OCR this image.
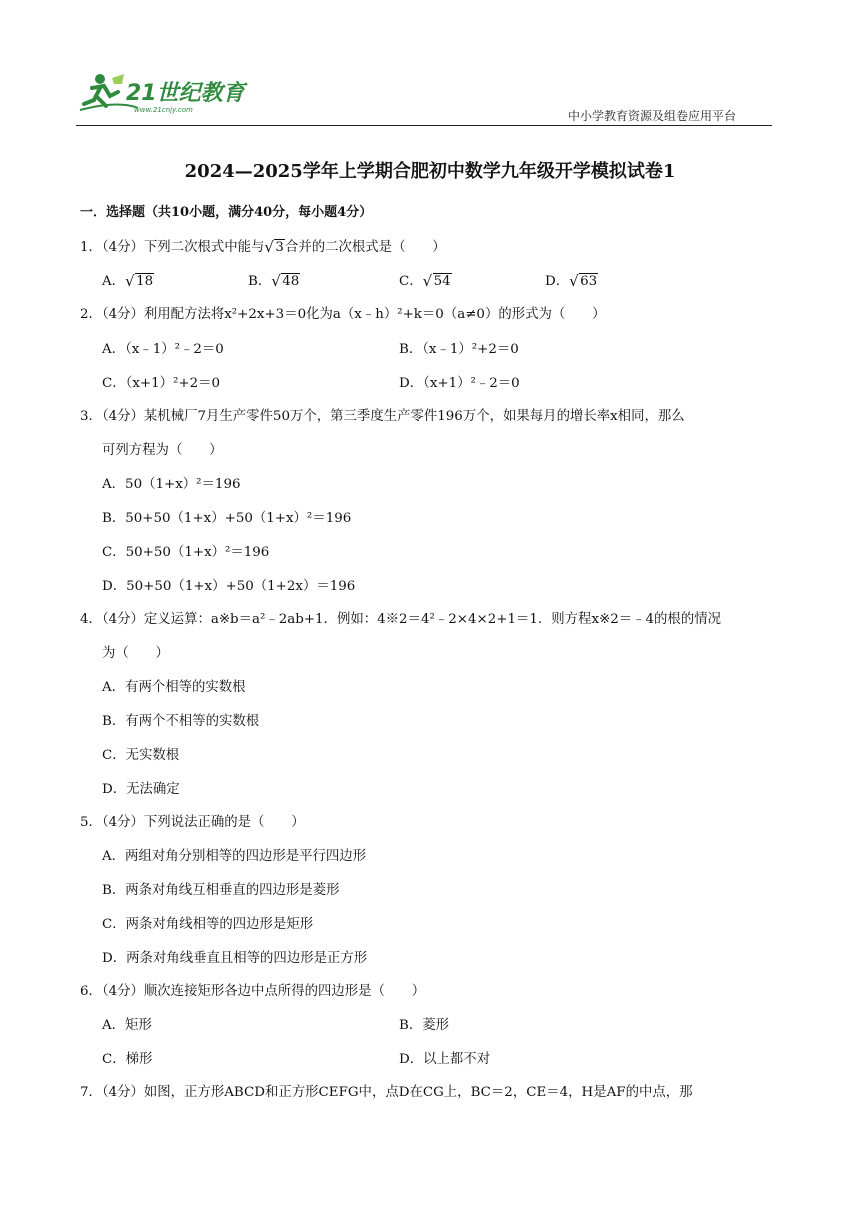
21世纪教育
www.21cnjy.com	中小学教育资源及组卷应用平台
2024—2025学年上学期合肥初中数学九年级开学模拟试卷1
一．选择题（共10小题，满分40分，每小题4分）
1．（4分）下列二次根式中能与 √ 3合并的二次根式是（　　）
A． √ 18	B． √ 48	C． √ 54	D． √ 63
2．（4分）利用配方法将x²+2x+3＝0化为a（x﹣h）²+k＝0（a≠0）的形式为（　　）
A．（x﹣1）²﹣2＝0	B．（x﹣1）²+2＝0
C．（x+1）²+2＝0	D．（x+1）²﹣2＝0
3．（4分）某机械厂7月生产零件50万个，第三季度生产零件196万个，如果每月的增长率x相同，那么
可列方程为（　　）
A．50（1+x）²＝196
B．50+50（1+x）+50（1+x）²＝196
C．50+50（1+x）²＝196
D．50+50（1+x）+50（1+2x）＝196
4．（4分）定义运算：a※b＝a²﹣2ab+1．例如：4※2＝4²﹣2×4×2+1＝1．则方程x※2＝﹣4的根的情况
为（　　）
A．有两个相等的实数根
B．有两个不相等的实数根
C．无实数根
D．无法确定
5．（4分）下列说法正确的是（　　）
A．两组对角分别相等的四边形是平行四边形
B．两条对角线互相垂直的四边形是菱形
C．两条对角线相等的四边形是矩形
D．两条对角线垂直且相等的四边形是正方形
6．（4分）顺次连接矩形各边中点所得的四边形是（　　）
A．矩形	B．菱形
C．梯形	D．以上都不对
7．（4分）如图，正方形ABCD和正方形CEFG中，点D在CG上，BC＝2，CE＝4，H是AF的中点，那
